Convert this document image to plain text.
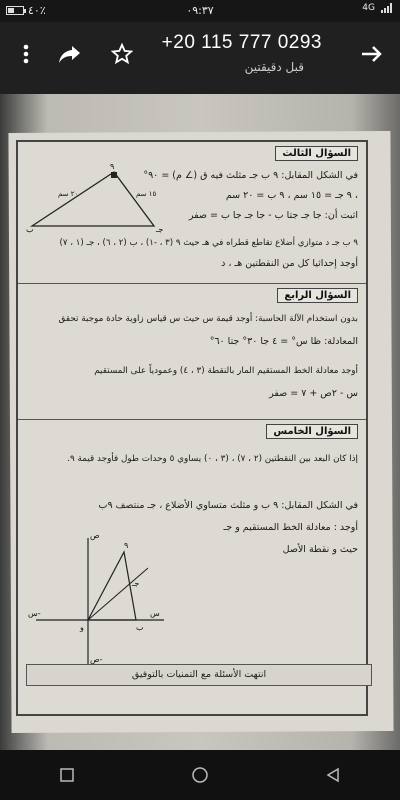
٤٠٪	٠٩:٣٧	4G
+20 115 777 0293
قبل دقيقتين
السؤال الثالث
٩
ب	جـ
٢٠ سم	١٥ سم
في الشكل المقابل: ٩ ب جـ مثلث فيه ق (∠ م) = ٩٠°
، ٩ جـ = ١٥ سم ، ٩ ب = ٢٠ سم
اثبت أن: جا جـ جتا ب - جا جـ جا ب = صفر
٩ ب جـ د متوازي أضلاع تقاطع قطراه في هـ حيث ٩ (٣ ، -١) ، ب (٢ ، ٦) ، جـ (١ ، ٧)
أوجد إحداثيا كل من النقطتين هـ ، د
السؤال الرابع
بدون استخدام الآلة الحاسبة: أوجد قيمة س حيث س قياس زاوية حادة موجبة تحقق
المعادلة: ظا س° = ٤ جا ٣٠° جتا ٦٠°
أوجد معادلة الخط المستقيم المار بالنقطة (٣ ، ٤) وعمودياً على المستقيم
س - ٢ص + ٧ = صفر
السؤال الخامس
إذا كان البعد بين النقطتين (٢ ، ٧) ، (٣ ، ٠) يساوي ٥ وحدات طول فأوجد قيمة ٩.
في الشكل المقابل: ٩ ب و مثلث متساوي الأضلاع ، جـ منتصف ٩ب
أوجد : معادلة الخط المستقيم و جـ
حيث و نقطة الأصل
ص
س
س-
ص-
و	ب
٩
جـ
انتهت الأسئلة مع التمنيات بالتوفيق
